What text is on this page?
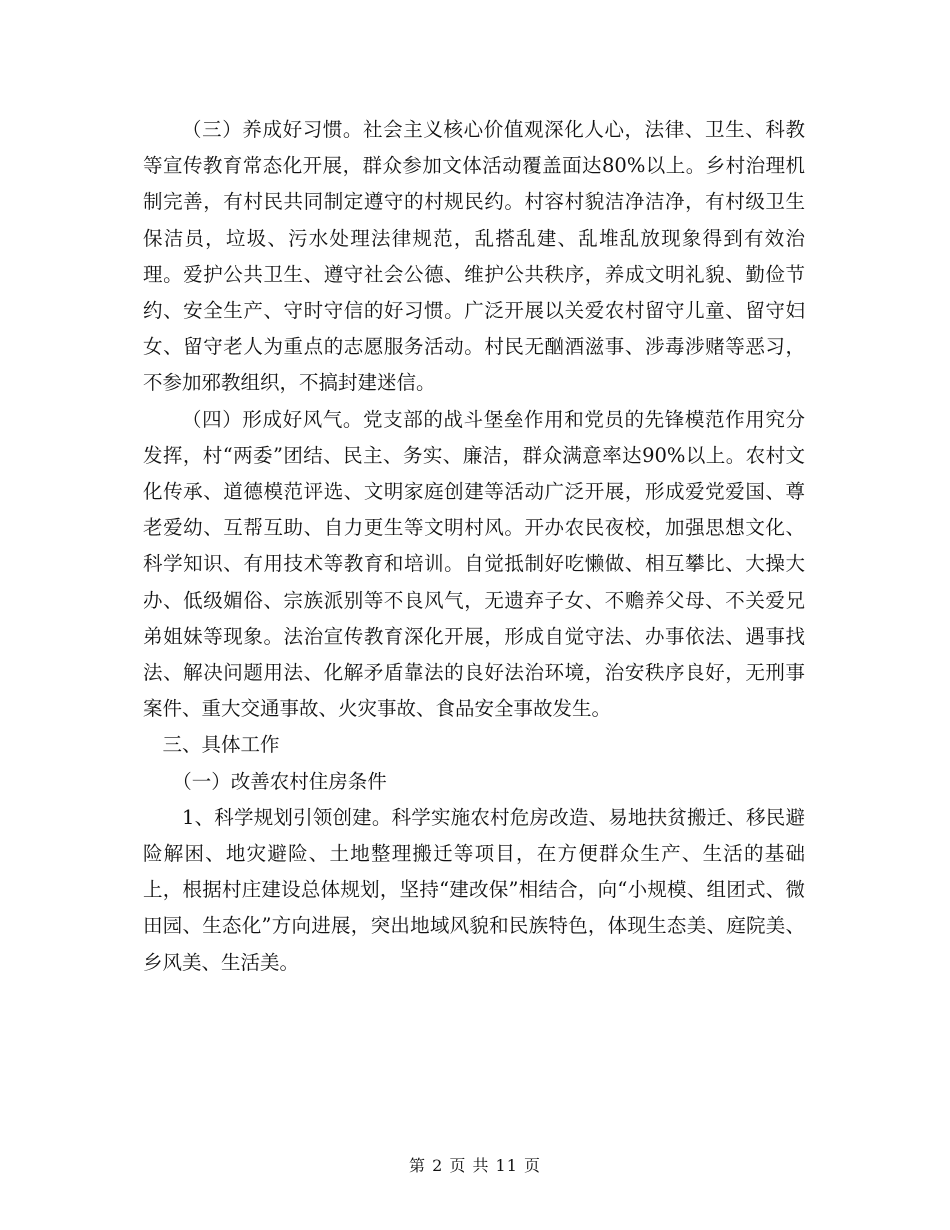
（三）养成好习惯。社会主义核心价值观深化人心，法律、卫生、科教等宣传教育常态化开展，群众参加文体活动覆盖面达80%以上。乡村治理机制完善，有村民共同制定遵守的村规民约。村容村貌洁净洁净，有村级卫生保洁员，垃圾、污水处理法律规范，乱搭乱建、乱堆乱放现象得到有效治理。爱护公共卫生、遵守社会公德、维护公共秩序，养成文明礼貌、勤俭节约、安全生产、守时守信的好习惯。广泛开展以关爱农村留守儿童、留守妇女、留守老人为重点的志愿服务活动。村民无酗酒滋事、涉毒涉赌等恶习，不参加邪教组织，不搞封建迷信。

（四）形成好风气。党支部的战斗堡垒作用和党员的先锋模范作用究分发挥，村“两委”团结、民主、务实、廉洁，群众满意率达90%以上。农村文化传承、道德模范评选、文明家庭创建等活动广泛开展，形成爱党爱国、尊老爱幼、互帮互助、自力更生等文明村风。开办农民夜校，加强思想文化、科学知识、有用技术等教育和培训。自觉抵制好吃懒做、相互攀比、大操大办、低级媚俗、宗族派别等不良风气，无遗弃子女、不赡养父母、不关爱兄弟姐妹等现象。法治宣传教育深化开展，形成自觉守法、办事依法、遇事找法、解决问题用法、化解矛盾靠法的良好法治环境，治安秩序良好，无刑事案件、重大交通事故、火灾事故、食品安全事故发生。

三、具体工作

（一）改善农村住房条件

1、科学规划引领创建。科学实施农村危房改造、易地扶贫搬迁、移民避险解困、地灾避险、土地整理搬迁等项目，在方便群众生产、生活的基础上，根据村庄建设总体规划，坚持“建改保”相结合，向“小规模、组团式、微田园、生态化”方向进展，突出地域风貌和民族特色，体现生态美、庭院美、乡风美、生活美。

第 2 页 共 11 页
